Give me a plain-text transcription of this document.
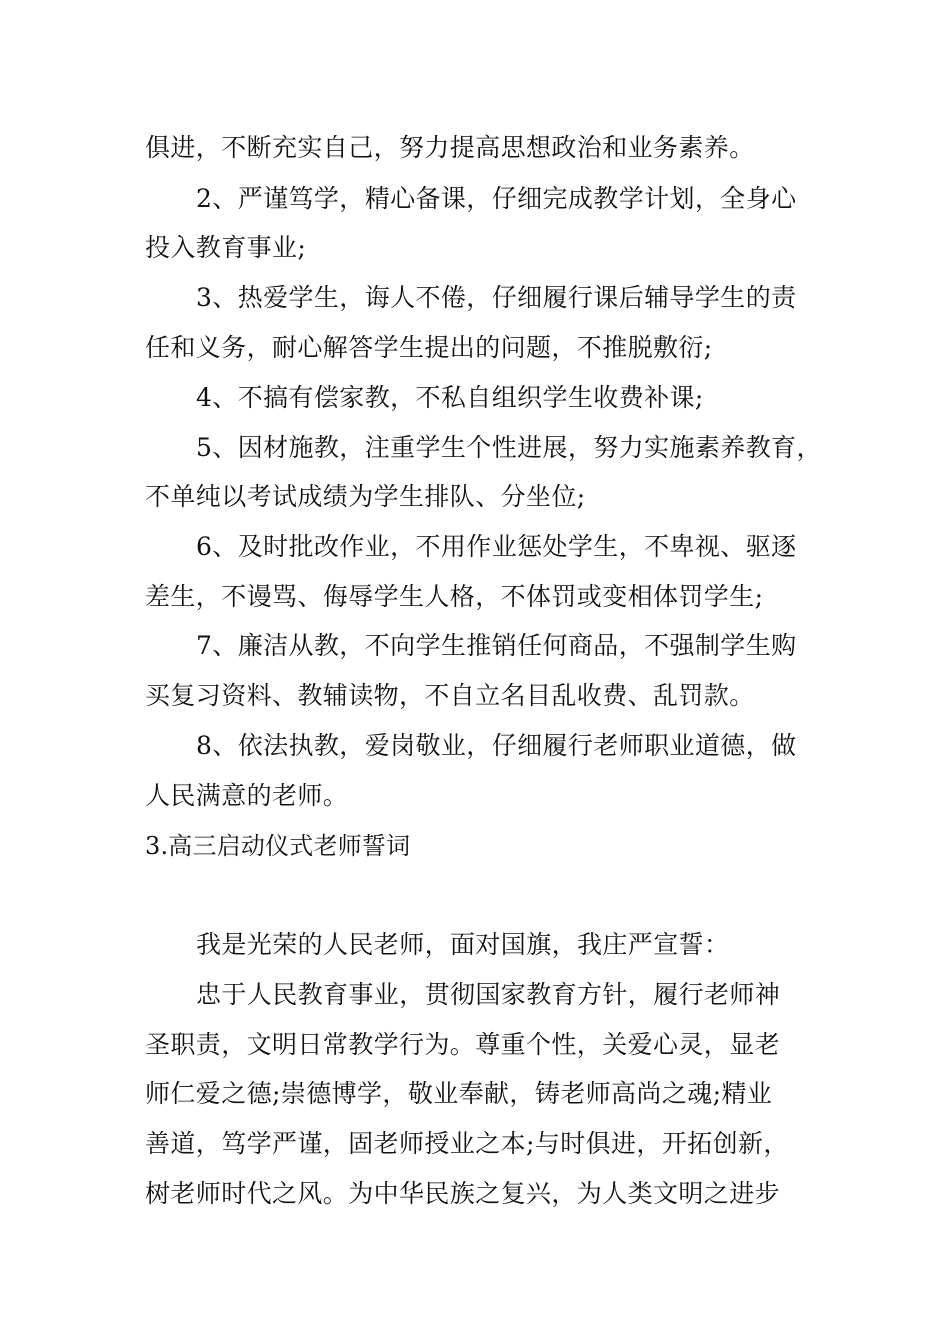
俱进，不断充实自己，努力提高思想政治和业务素养。
2、严谨笃学，精心备课，仔细完成教学计划，全身心
投入教育事业;
3、热爱学生，诲人不倦，仔细履行课后辅导学生的责
任和义务，耐心解答学生提出的问题，不推脱敷衍;
4、不搞有偿家教，不私自组织学生收费补课;
5、因材施教，注重学生个性进展，努力实施素养教育，
不单纯以考试成绩为学生排队、分坐位;
6、及时批改作业，不用作业惩处学生，不卑视、驱逐
差生，不谩骂、侮辱学生人格，不体罚或变相体罚学生;
7、廉洁从教，不向学生推销任何商品，不强制学生购
买复习资料、教辅读物，不自立名目乱收费、乱罚款。
8、依法执教，爱岗敬业，仔细履行老师职业道德，做
人民满意的老师。
3.高三启动仪式老师誓词
我是光荣的人民老师，面对国旗，我庄严宣誓：
忠于人民教育事业，贯彻国家教育方针，履行老师神
圣职责，文明日常教学行为。尊重个性，关爱心灵，显老
师仁爱之德;崇德博学，敬业奉献，铸老师高尚之魂;精业
善道，笃学严谨，固老师授业之本;与时俱进，开拓创新，
树老师时代之风。为中华民族之复兴，为人类文明之进步
